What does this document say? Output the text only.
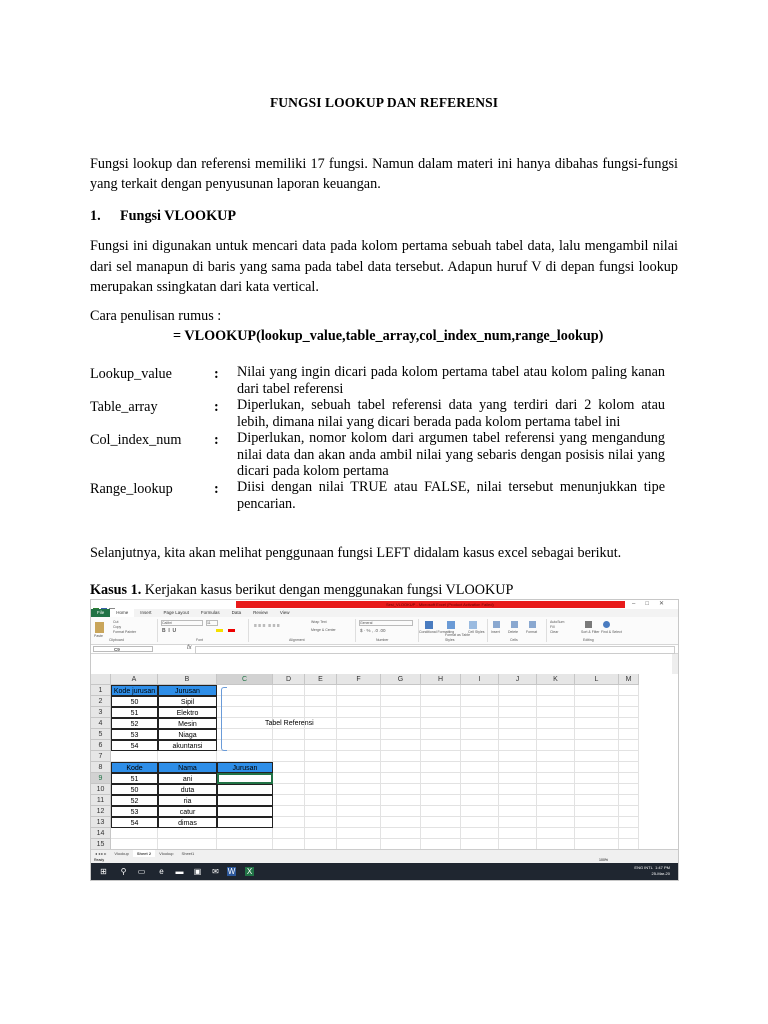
FUNGSI LOOKUP DAN REFERENSI
Fungsi lookup dan referensi memiliki 17 fungsi. Namun dalam materi ini hanya dibahas fungsi-fungsi yang terkait dengan penyusunan laporan keuangan.
1. Fungsi VLOOKUP
Fungsi ini digunakan untuk mencari data pada kolom pertama sebuah tabel data, lalu mengambil nilai dari sel manapun di baris yang sama pada tabel data tersebut. Adapun huruf V di depan fungsi lookup merupakan ssingkatan dari kata vertical.
Cara penulisan rumus :
= VLOOKUP(lookup_value,table_array,col_index_num,range_lookup)
Lookup_value	: Nilai yang ingin dicari pada kolom pertama tabel atau kolom paling kanan dari tabel referensi
Table_array	: Diperlukan, sebuah tabel referensi data yang terdiri dari 2 kolom atau lebih, dimana nilai yang dicari berada pada kolom pertama tabel ini
Col_index_num : Diperlukan, nomor kolom dari argumen tabel referensi yang mengandung nilai data dan akan anda ambil nilai yang sebaris dengan posisis nilai yang dicari pada kolom pertama
Range_lookup	: Diisi dengan nilai TRUE atau FALSE, nilai tersebut menunjukkan tipe pencarian.
Selanjutnya, kita akan melihat penggunaan fungsi LEFT didalam kasus excel sebagai berikut.
Kasus 1. Kerjakan kasus berikut dengan menggunakan fungsi VLOOKUP
Sesi_VLOOKUP - Microsoft Excel (Product Activation Failed)	–□✕
File	Home	Insert	Page Layout	Formulas	Data	Review	View
Paste
Cut
Copy
Format Painter
Clipboard
Calibri	11
B  I  U
Font
Wrap Text
Merge & Center
≡ ≡ ≡  ≡ ≡ ≡
Alignment
General
$ · % , .0 .00
Number
Conditional Formatting
Format as Table
Cell Styles
Styles
Insert Delete Format
Cells
AutoSum
Fill
Clear	Sort & Filter Find & Select
Editing
C9	fx
A	B	C	D	E	F	G	H	I	J	K	L	M
1
2
3
4
5
6
7
8
9
10
11
12
13
14
15
Kode jurusan	Jurusan
50	Sipil
51	Elektro
52	Mesin
53	Niaga
54	akuntansi
Tabel Referensi
Kode	Nama	Jurusan
51	ani
50	duta
52	ria
53	catur
54	dimas
◂ ◂ ▸ ▸ Vlookup Sheet 2 Vlookup Sheet1
Ready	100%
⊞ ⚲ ▭ e ▬ ▣ ✉ W X	ENG INTL 1:47 PM
25-Mar-20
